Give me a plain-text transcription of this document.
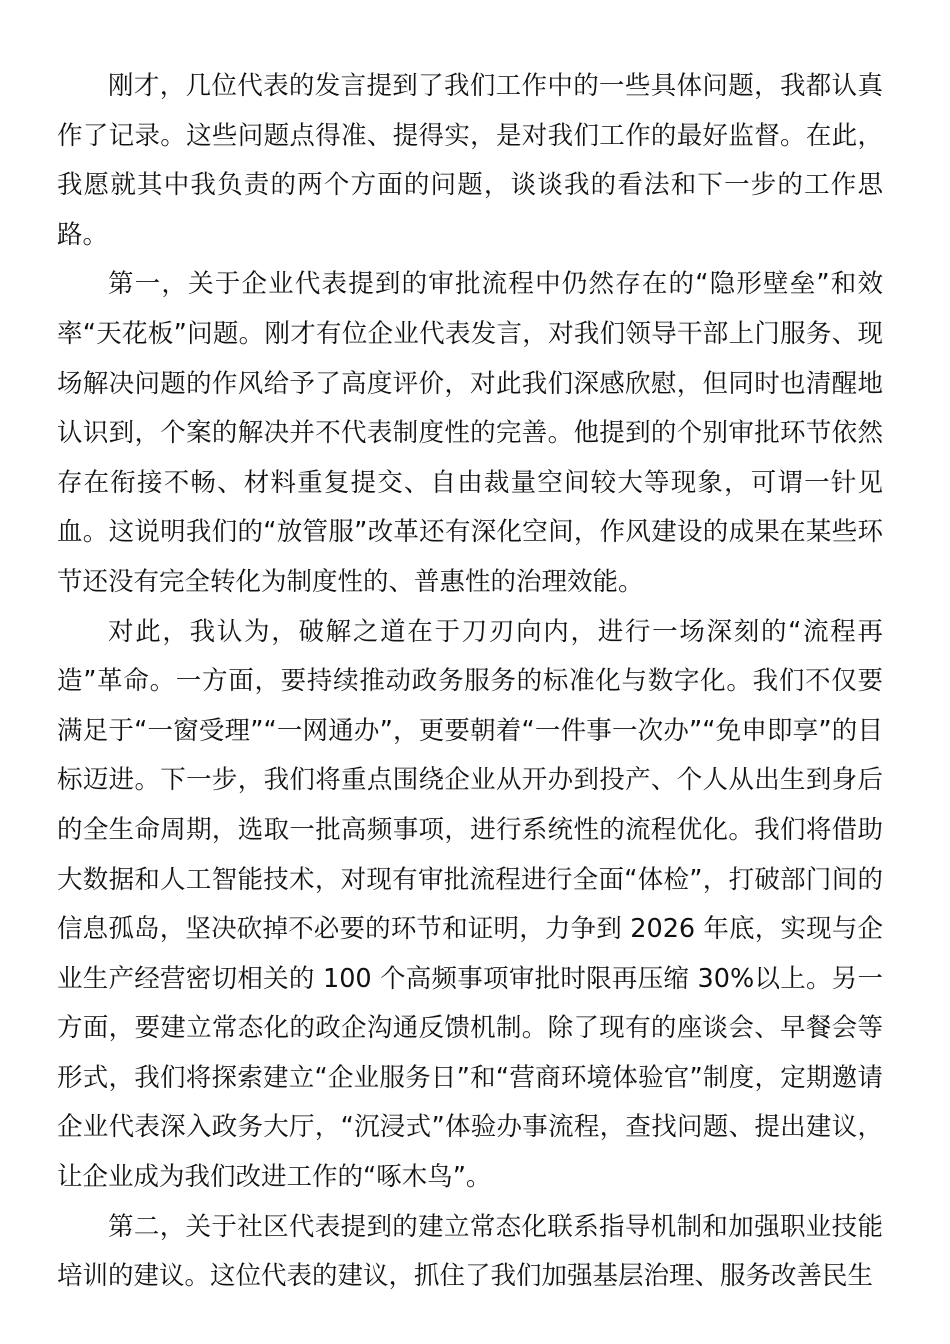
刚才，几位代表的发言提到了我们工作中的一些具体问题，我都认真作了记录。这些问题点得准、提得实，是对我们工作的最好监督。在此，我愿就其中我负责的两个方面的问题，谈谈我的看法和下一步的工作思路。

第一，关于企业代表提到的审批流程中仍然存在的“隐形壁垒”和效率“天花板”问题。刚才有位企业代表发言，对我们领导干部上门服务、现场解决问题的作风给予了高度评价，对此我们深感欣慰，但同时也清醒地认识到，个案的解决并不代表制度性的完善。他提到的个别审批环节依然存在衔接不畅、材料重复提交、自由裁量空间较大等现象，可谓一针见血。这说明我们的“放管服”改革还有深化空间，作风建设的成果在某些环节还没有完全转化为制度性的、普惠性的治理效能。

对此，我认为，破解之道在于刀刃向内，进行一场深刻的“流程再造”革命。一方面，要持续推动政务服务的标准化与数字化。我们不仅要满足于“一窗受理”“一网通办”，更要朝着“一件事一次办”“免申即享”的目标迈进。下一步，我们将重点围绕企业从开办到投产、个人从出生到身后的全生命周期，选取一批高频事项，进行系统性的流程优化。我们将借助大数据和人工智能技术，对现有审批流程进行全面“体检”，打破部门间的信息孤岛，坚决砍掉不必要的环节和证明，力争到 2026 年底，实现与企业生产经营密切相关的 100 个高频事项审批时限再压缩 30%以上。另一方面，要建立常态化的政企沟通反馈机制。除了现有的座谈会、早餐会等形式，我们将探索建立“企业服务日”和“营商环境体验官”制度，定期邀请企业代表深入政务大厅，“沉浸式”体验办事流程，查找问题、提出建议，让企业成为我们改进工作的“啄木鸟”。

第二，关于社区代表提到的建立常态化联系指导机制和加强职业技能培训的建议。这位代表的建议，抓住了我们加强基层治理、服务改善民生
